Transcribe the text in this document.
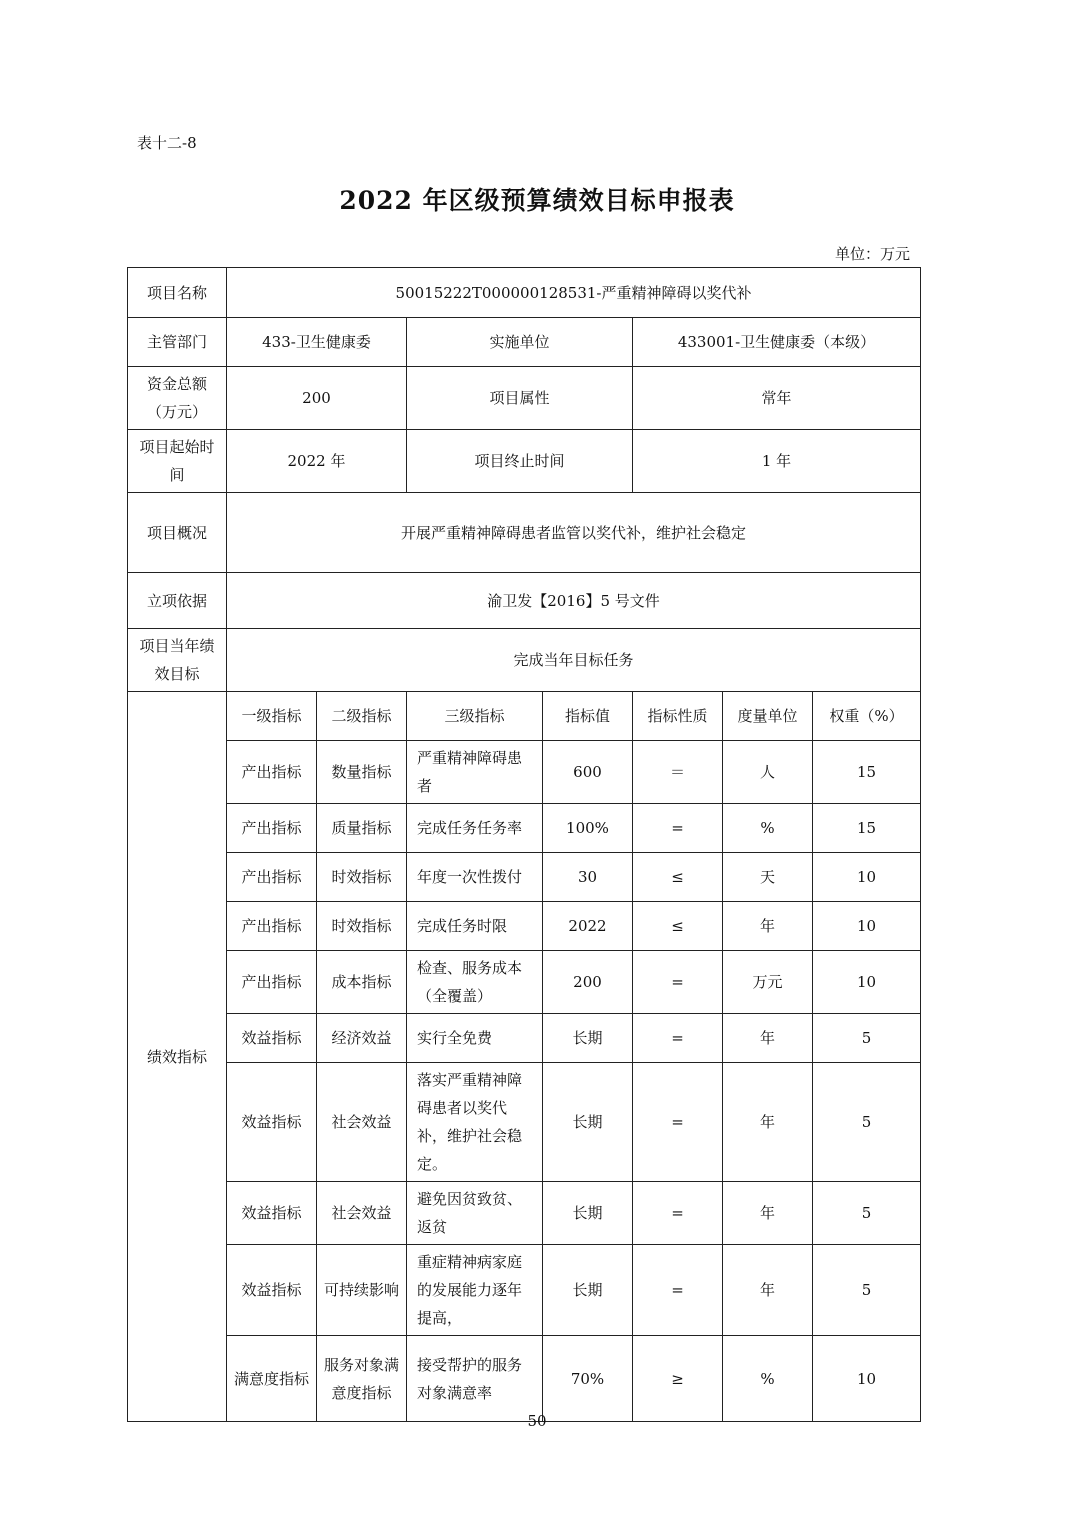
表十二-8
2022 年区级预算绩效目标申报表
单位：万元
项目名称	50015222T000000128531-严重精神障碍以奖代补						
主管部门	433-卫生健康委		实施单位		433001-卫生健康委（本级）		
资金总额（万元）	200		项目属性		常年		
项目起始时间	2022 年		项目终止时间		1 年		
项目概况	开展严重精神障碍患者监管以奖代补，维护社会稳定						
立项依据	渝卫发【2016】5 号文件						
项目当年绩效目标	完成当年目标任务						
绩效指标	一级指标	二级指标	三级指标	指标值	指标性质	度量单位	权重（%）
	产出指标	数量指标	严重精神障碍患者	600	＝	人	15
	产出指标	质量指标	完成任务任务率	100%	=	%	15
	产出指标	时效指标	年度一次性拨付	30	≤	天	10
	产出指标	时效指标	完成任务时限	2022	≤	年	10
	产出指标	成本指标	检查、服务成本（全覆盖）	200	=	万元	10
	效益指标	经济效益	实行全免费	长期	=	年	5
	效益指标	社会效益	落实严重精神障碍患者以奖代补，维护社会稳定。	长期	=	年	5
	效益指标	社会效益	避免因贫致贫、返贫	长期	=	年	5
	效益指标	可持续影响	重症精神病家庭的发展能力逐年提高，	长期	=	年	5
	满意度指标	服务对象满意度指标	接受帮护的服务对象满意率	70%	≥	%	10
50
